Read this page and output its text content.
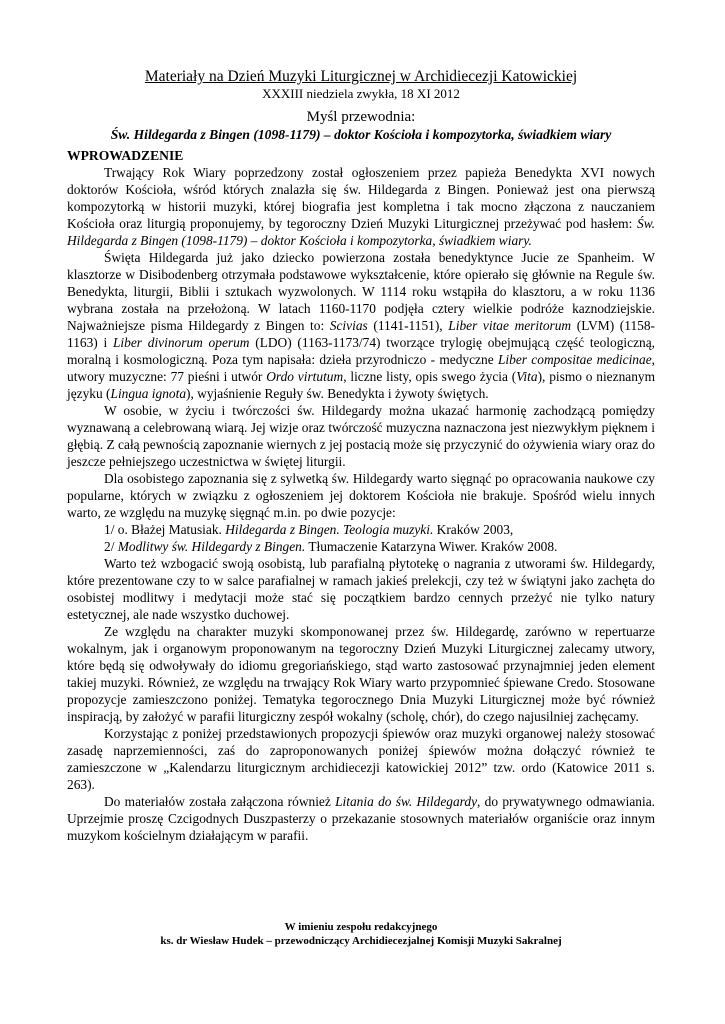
Materiały na Dzień Muzyki Liturgicznej w Archidiecezji Katowickiej

XXXIII niedziela zwykła, 18 XI 2012

Myśl przewodnia:

Św. Hildegarda z Bingen (1098-1179) – doktor Kościoła i kompozytorka, świadkiem wiary

WPROWADZENIE

Trwający Rok Wiary poprzedzony został ogłoszeniem przez papieża Benedykta XVI nowych doktorów Kościoła, wśród których znalazła się św. Hildegarda z Bingen. Ponieważ jest ona pierwszą kompozytorką w historii muzyki, której biografia jest kompletna i tak mocno złączona z nauczaniem Kościoła oraz liturgią proponujemy, by tegoroczny Dzień Muzyki Liturgicznej przeżywać pod hasłem: Św. Hildegarda z Bingen (1098-1179) – doktor Kościoła i kompozytorka, świadkiem wiary.

Święta Hildegarda już jako dziecko powierzona została benedyktynce Jucie ze Spanheim. W klasztorze w Disibodenberg otrzymała podstawowe wykształcenie, które opierało się głównie na Regule św. Benedykta, liturgii, Biblii i sztukach wyzwolonych. W 1114 roku wstąpiła do klasztoru, a w roku 1136 wybrana została na przełożoną. W latach 1160-1170 podjęła cztery wielkie podróże kaznodziejskie. Najważniejsze pisma Hildegardy z Bingen to: Scivias (1141-1151), Liber vitae meritorum (LVM) (1158-1163) i Liber divinorum operum (LDO) (1163-1173/74) tworzące trylogię obejmującą część teologiczną, moralną i kosmologiczną. Poza tym napisała: dzieła przyrodniczo - medyczne Liber compositae medicinae, utwory muzyczne: 77 pieśni i utwór Ordo virtutum, liczne listy, opis swego życia (Vita), pismo o nieznanym języku (Lingua ignota), wyjaśnienie Reguły św. Benedykta i żywoty świętych.

W osobie, w życiu i twórczości św. Hildegardy można ukazać harmonię zachodzącą pomiędzy wyznawaną a celebrowaną wiarą. Jej wizje oraz twórczość muzyczna naznaczona jest niezwykłym pięknem i głębią. Z całą pewnością zapoznanie wiernych z jej postacią może się przyczynić do ożywienia wiary oraz do jeszcze pełniejszego uczestnictwa w świętej liturgii.

Dla osobistego zapoznania się z sylwetką św. Hildegardy warto sięgnąć po opracowania naukowe czy popularne, których w związku z ogłoszeniem jej doktorem Kościoła nie brakuje. Spośród wielu innych warto, ze względu na muzykę sięgnąć m.in. po dwie pozycje:

1/ o. Błażej Matusiak. Hildegarda z Bingen. Teologia muzyki. Kraków 2003,

2/ Modlitwy św. Hildegardy z Bingen. Tłumaczenie Katarzyna Wiwer. Kraków 2008.

Warto też wzbogacić swoją osobistą, lub parafialną płytotekę o nagrania z utworami św. Hildegardy, które prezentowane czy to w salce parafialnej w ramach jakieś prelekcji, czy też w świątyni jako zachęta do osobistej modlitwy i medytacji może stać się początkiem bardzo cennych przeżyć nie tylko natury estetycznej, ale nade wszystko duchowej.

Ze względu na charakter muzyki skomponowanej przez św. Hildegardę, zarówno w repertuarze wokalnym, jak i organowym proponowanym na tegoroczny Dzień Muzyki Liturgicznej zalecamy utwory, które będą się odwoływały do idiomu gregoriańskiego, stąd warto zastosować przynajmniej jeden element takiej muzyki. Również, ze względu na trwający Rok Wiary warto przypomnieć śpiewane Credo. Stosowane propozycje zamieszczono poniżej. Tematyka tegorocznego Dnia Muzyki Liturgicznej może być również inspiracją, by założyć w parafii liturgiczny zespół wokalny (scholę, chór), do czego najusilniej zachęcamy.

Korzystając z poniżej przedstawionych propozycji śpiewów oraz muzyki organowej należy stosować zasadę naprzemienności, zaś do zaproponowanych poniżej śpiewów można dołączyć również te zamieszczone w „Kalendarzu liturgicznym archidiecezji katowickiej 2012” tzw. ordo (Katowice 2011 s. 263).

Do materiałów została załączona również Litania do św. Hildegardy, do prywatywnego odmawiania. Uprzejmie proszę Czcigodnych Duszpasterzy o przekazanie stosownych materiałów organiście oraz innym muzykom kościelnym działającym w parafii.

W imieniu zespołu redakcyjnego
ks. dr Wiesław Hudek – przewodniczący Archidiecezjalnej Komisji Muzyki Sakralnej
